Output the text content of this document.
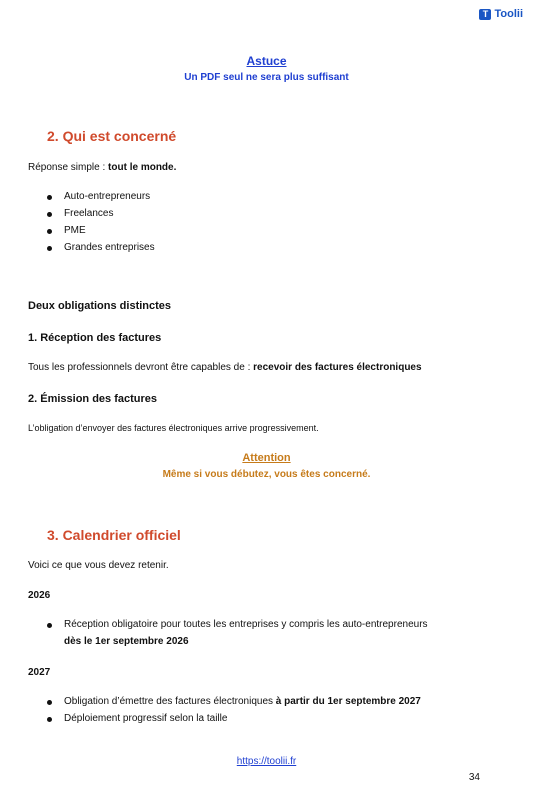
T Toolii
Astuce
Un PDF seul ne sera plus suffisant
2. Qui est concerné
Réponse simple : tout le monde.
Auto-entrepreneurs
Freelances
PME
Grandes entreprises
Deux obligations distinctes
1. Réception des factures
Tous les professionnels devront être capables de : recevoir des factures électroniques
2. Émission des factures
L’obligation d’envoyer des factures électroniques arrive progressivement.
Attention
Même si vous débutez, vous êtes concerné.
3. Calendrier officiel
Voici ce que vous devez retenir.
2026
Réception obligatoire pour toutes les entreprises y compris les auto-entrepreneurs
dès le 1er septembre 2026
2027
Obligation d’émettre des factures électroniques à partir du 1er septembre 2027
Déploiement progressif selon la taille
https://toolii.fr
34
